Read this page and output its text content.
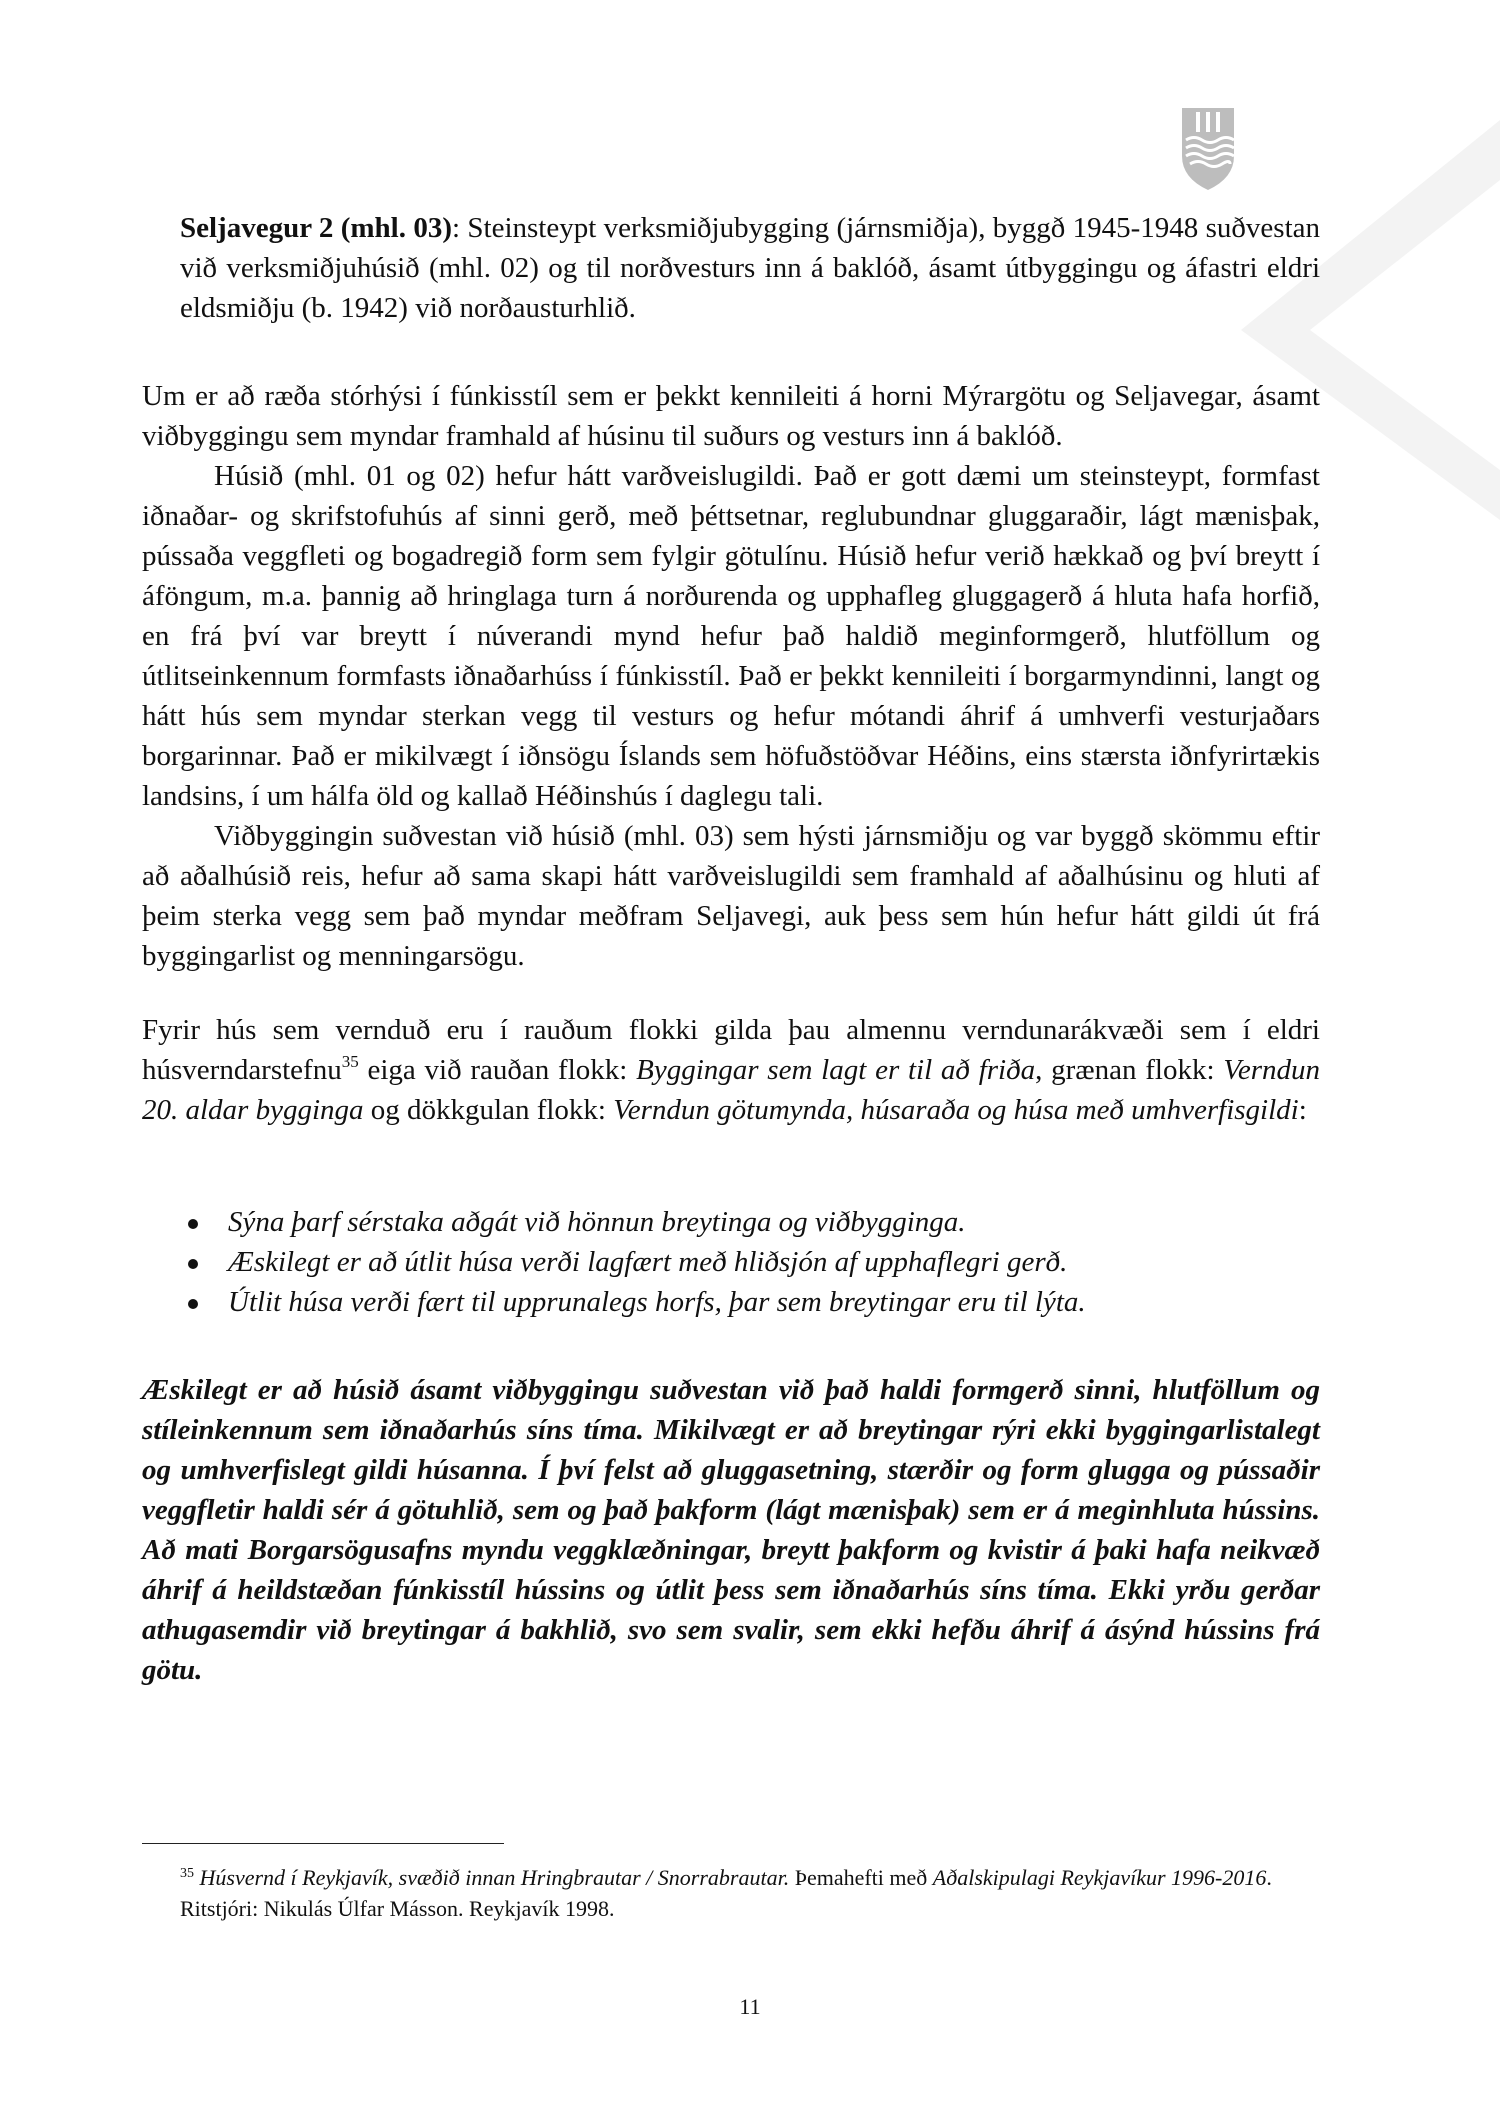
Seljavegur 2 (mhl. 03): Steinsteypt verksmiðjubygging (járnsmiðja), byggð 1945-1948 suðvestan við verksmiðjuhúsið (mhl. 02) og til norðvesturs inn á baklóð, ásamt útbyggingu og áfastri eldri eldsmiðju (b. 1942) við norðausturhlið.

Um er að ræða stórhýsi í fúnkisstíl sem er þekkt kennileiti á horni Mýrargötu og Seljavegar, ásamt viðbyggingu sem myndar framhald af húsinu til suðurs og vesturs inn á baklóð.

Húsið (mhl. 01 og 02) hefur hátt varðveislugildi. Það er gott dæmi um steinsteypt, formfast iðnaðar- og skrifstofuhús af sinni gerð, með þéttsetnar, reglubundnar gluggaraðir, lágt mænisþak, pússaða veggfleti og bogadregið form sem fylgir götulínu. Húsið hefur verið hækkað og því breytt í áföngum, m.a. þannig að hringlaga turn á norðurenda og upphafleg gluggagerð á hluta hafa horfið, en frá því var breytt í núverandi mynd hefur það haldið meginformgerð, hlutföllum og útlitseinkennum formfasts iðnaðarhúss í fúnkisstíl. Það er þekkt kennileiti í borgarmyndinni, langt og hátt hús sem myndar sterkan vegg til vesturs og hefur mótandi áhrif á umhverfi vesturjaðars borgarinnar. Það er mikilvægt í iðnsögu Íslands sem höfuðstöðvar Héðins, eins stærsta iðnfyrirtækis landsins, í um hálfa öld og kallað Héðinshús í daglegu tali.

Viðbyggingin suðvestan við húsið (mhl. 03) sem hýsti járnsmiðju og var byggð skömmu eftir að aðalhúsið reis, hefur að sama skapi hátt varðveislugildi sem framhald af aðalhúsinu og hluti af þeim sterka vegg sem það myndar meðfram Seljavegi, auk þess sem hún hefur hátt gildi út frá byggingarlist og menningarsögu.

Fyrir hús sem vernduð eru í rauðum flokki gilda þau almennu verndunarákvæði sem í eldri húsverndarstefnu$^{35}$ eiga við rauðan flokk: Byggingar sem lagt er til að friða, grænan flokk: Verndun 20. aldar bygginga og dökkgulan flokk: Verndun götumynda, húsaraða og húsa með umhverfisgildi:

Sýna þarf sérstaka aðgát við hönnun breytinga og viðbygginga.
Æskilegt er að útlit húsa verði lagfært með hliðsjón af upphaflegri gerð.
Útlit húsa verði fært til upprunalegs horfs, þar sem breytingar eru til lýta.

Æskilegt er að húsið ásamt viðbyggingu suðvestan við það haldi formgerð sinni, hlutföllum og stíleinkennum sem iðnaðarhús síns tíma. Mikilvægt er að breytingar rýri ekki byggingarlistalegt og umhverfislegt gildi húsanna. Í því felst að gluggasetning, stærðir og form glugga og pússaðir veggfletir haldi sér á götuhlið, sem og það þakform (lágt mænisþak) sem er á meginhluta hússins. Að mati Borgarsögusafns myndu veggklæðningar, breytt þakform og kvistir á þaki hafa neikvæð áhrif á heildstæðan fúnkisstíl hússins og útlit þess sem iðnaðarhús síns tíma. Ekki yrðu gerðar athugasemdir við breytingar á bakhlið, svo sem svalir, sem ekki hefðu áhrif á ásýnd hússins frá götu.

$^{35}$ Húsvernd í Reykjavík, svæðið innan Hringbrautar / Snorrabrautar. Þemahefti með Aðalskipulagi Reykjavíkur 1996-2016. Ritstjóri: Nikulás Úlfar Másson. Reykjavík 1998.
11
